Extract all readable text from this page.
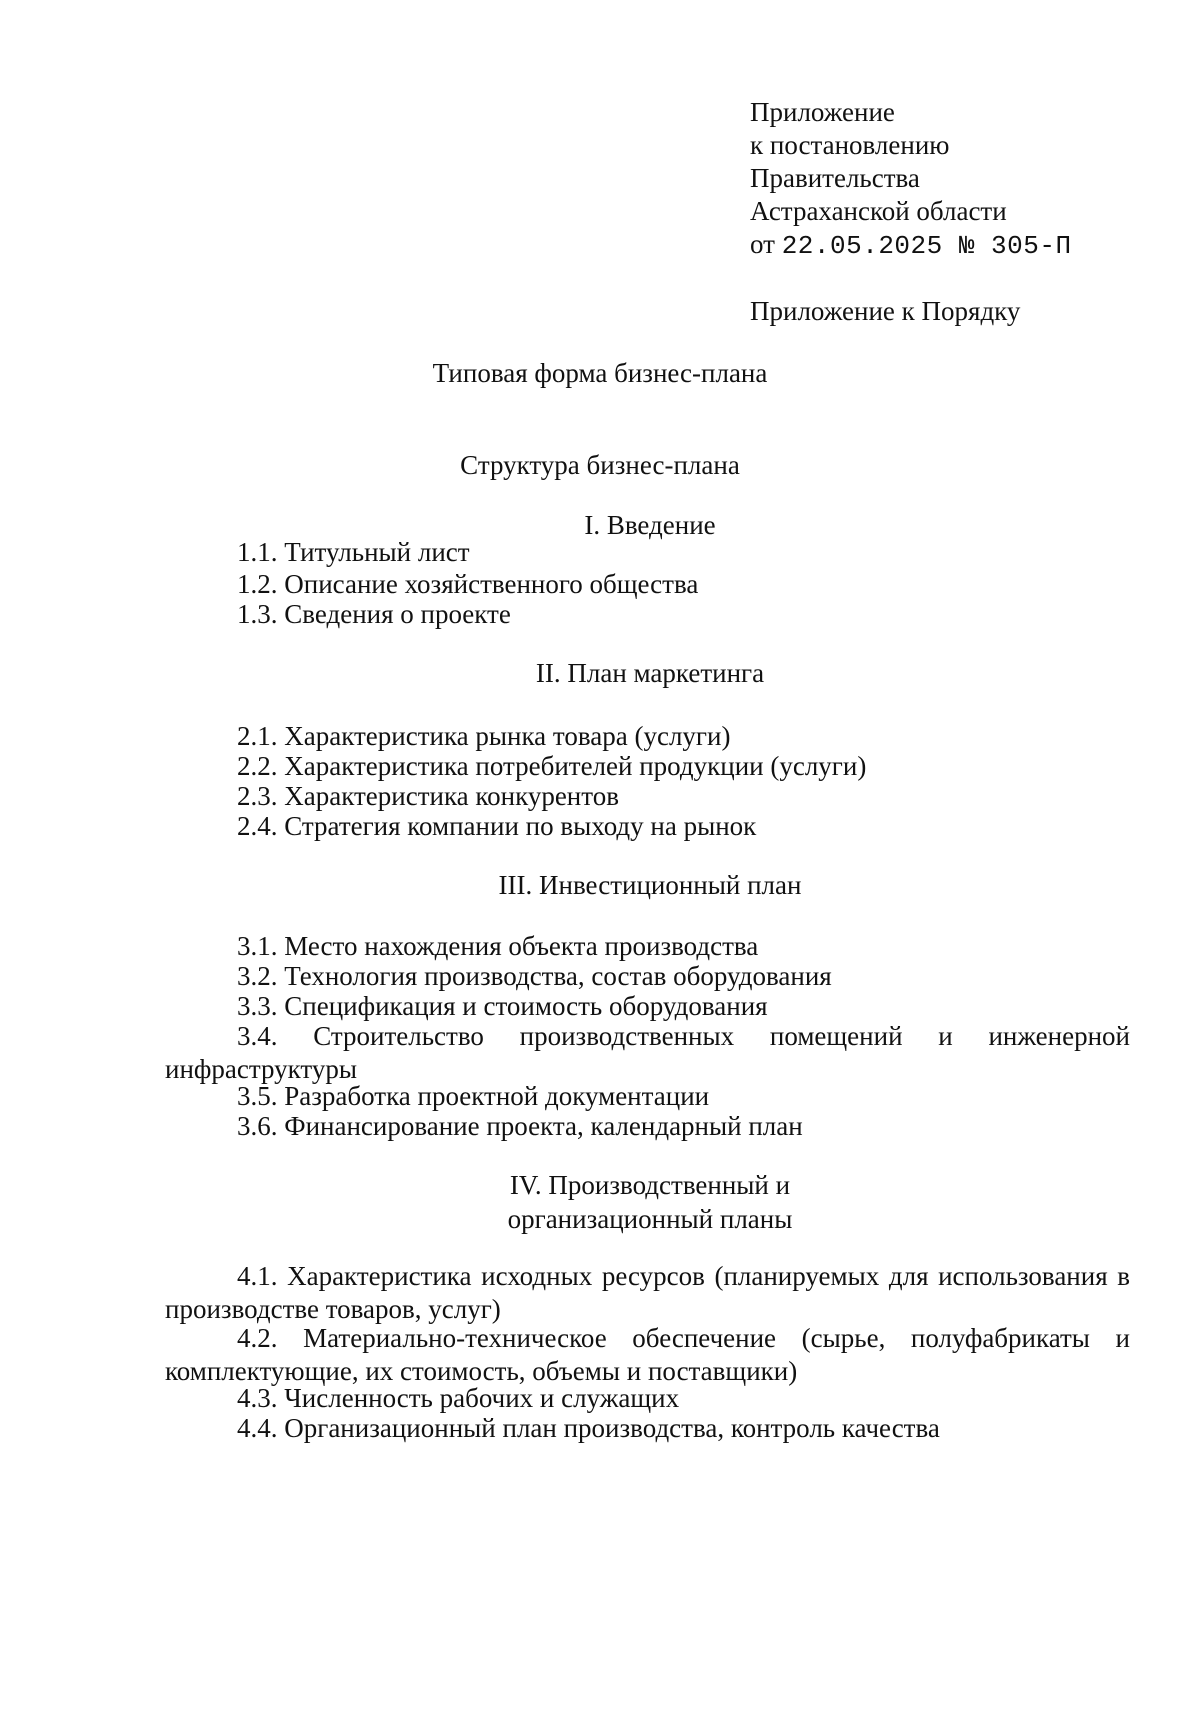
Приложение
к постановлению
Правительства
Астраханской области
от 22.05.2025 № 305-П
Приложение к Порядку
Типовая форма бизнес-плана
Структура бизнес-плана
I. Введение
1.1. Титульный лист
1.2. Описание хозяйственного общества
1.3. Сведения о проекте
II. План маркетинга
2.1. Характеристика рынка товара (услуги)
2.2. Характеристика потребителей продукции (услуги)
2.3. Характеристика конкурентов
2.4. Стратегия компании по выходу на рынок
III. Инвестиционный план
3.1. Место нахождения объекта производства
3.2. Технология производства, состав оборудования
3.3. Спецификация и стоимость оборудования
3.4. Строительство производственных помещений и инженерной инфраструктуры
3.5. Разработка проектной документации
3.6. Финансирование проекта, календарный план
IV. Производственный и
организационный планы
4.1. Характеристика исходных ресурсов (планируемых для использования в производстве товаров, услуг)
4.2. Материально-техническое обеспечение (сырье, полуфабрикаты и комплектующие, их стоимость, объемы и поставщики)
4.3. Численность рабочих и служащих
4.4. Организационный план производства, контроль качества
